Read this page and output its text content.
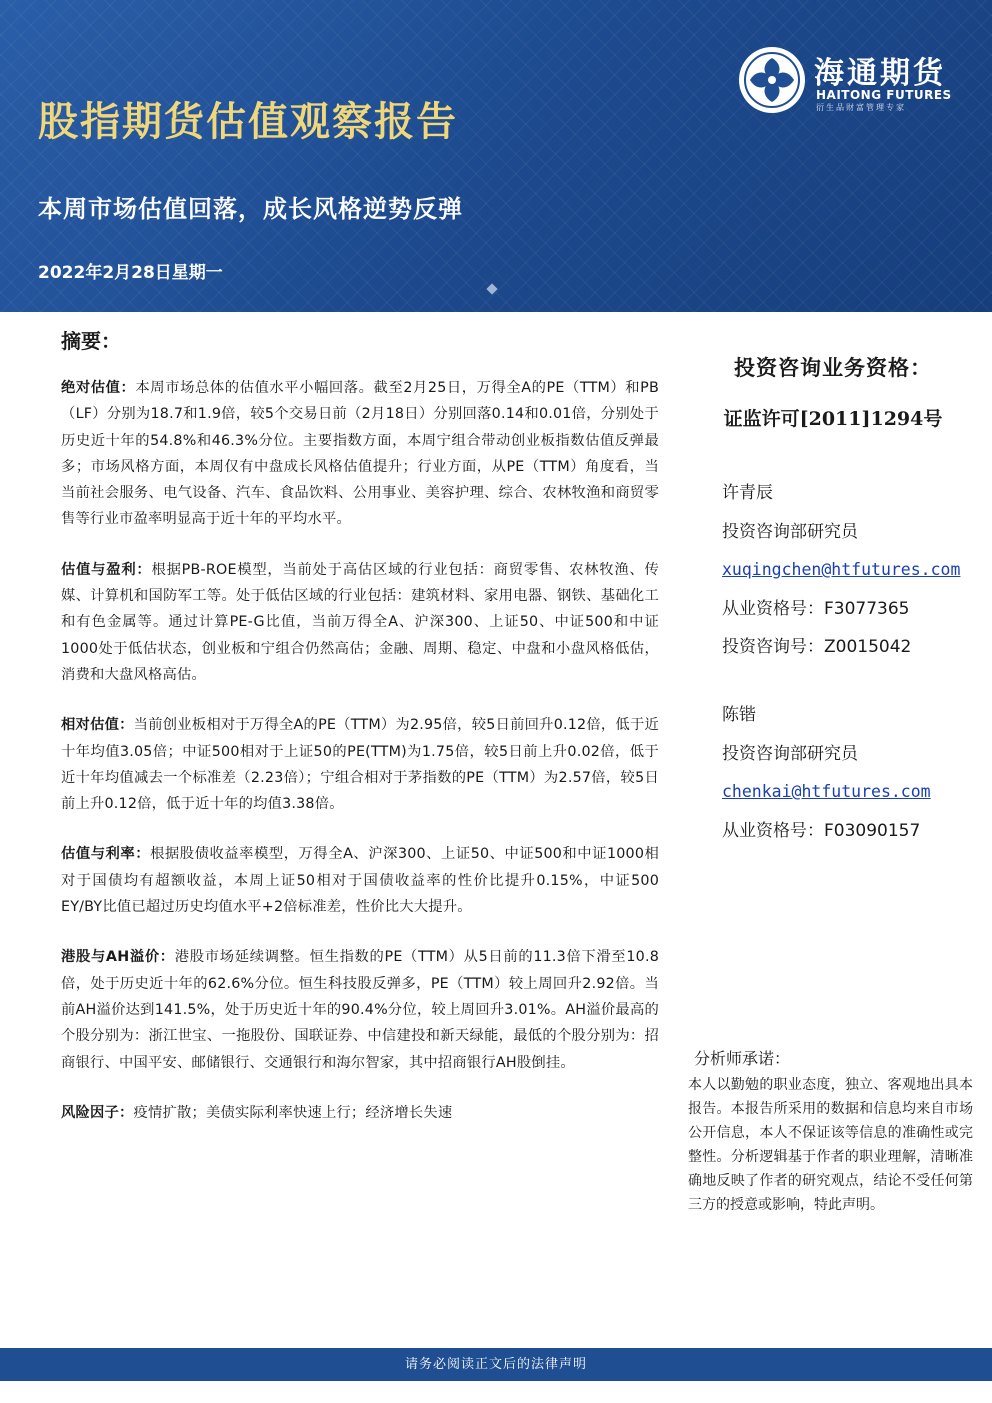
海通期货
HAITONG FUTURES
衍生品财富管理专家
股指期货估值观察报告
本周市场估值回落，成长风格逆势反弹
2022年2月28日星期一
摘要：

绝对估值：本周市场总体的估值水平小幅回落。截至2月25日，万得全A的PE（TTM）和PB（LF）分别为18.7和1.9倍，较5个交易日前（2月18日）分别回落0.14和0.01倍，分别处于历史近十年的54.8%和46.3%分位。主要指数方面，本周宁组合带动创业板指数估值反弹最多；市场风格方面，本周仅有中盘成长风格估值提升；行业方面，从PE（TTM）角度看，当当前社会服务、电气设备、汽车、食品饮料、公用事业、美容护理、综合、农林牧渔和商贸零售等行业市盈率明显高于近十年的平均水平。

估值与盈利：根据PB-ROE模型，当前处于高估区域的行业包括：商贸零售、农林牧渔、传媒、计算机和国防军工等。处于低估区域的行业包括：建筑材料、家用电器、钢铁、基础化工和有色金属等。通过计算PE-G比值，当前万得全A、沪深300、上证50、中证500和中证1000处于低估状态，创业板和宁组合仍然高估；金融、周期、稳定、中盘和小盘风格低估，消费和大盘风格高估。

相对估值：当前创业板相对于万得全A的PE（TTM）为2.95倍，较5日前回升0.12倍，低于近十年均值3.05倍；中证500相对于上证50的PE(TTM)为1.75倍，较5日前上升0.02倍，低于近十年均值减去一个标准差（2.23倍）；宁组合相对于茅指数的PE（TTM）为2.57倍，较5日前上升0.12倍，低于近十年的均值3.38倍。

估值与利率：根据股债收益率模型，万得全A、沪深300、上证50、中证500和中证1000相对于国债均有超额收益，本周上证50相对于国债收益率的性价比提升0.15%，中证500 EY/BY比值已超过历史均值水平+2倍标准差，性价比大大提升。

港股与AH溢价：港股市场延续调整。恒生指数的PE（TTM）从5日前的11.3倍下滑至10.8倍，处于历史近十年的62.6%分位。恒生科技股反弹多，PE（TTM）较上周回升2.92倍。当前AH溢价达到141.5%，处于历史近十年的90.4%分位，较上周回升3.01%。AH溢价最高的个股分别为：浙江世宝、一拖股份、国联证券、中信建投和新天绿能，最低的个股分别为：招商银行、中国平安、邮储银行、交通银行和海尔智家，其中招商银行AH股倒挂。

风险因子：疫情扩散；美债实际利率快速上行；经济增长失速

投资咨询业务资格：

证监许可[2011]1294号

许青辰
投资咨询部研究员
xuqingchen@htfutures.com
从业资格号：F3077365
投资咨询号：Z0015042
陈锴
投资咨询部研究员
chenkai@htfutures.com
从业资格号：F03090157

分析师承诺：

本人以勤勉的职业态度，独立、客观地出具本报告。本报告所采用的数据和信息均来自市场公开信息，本人不保证该等信息的准确性或完整性。分析逻辑基于作者的职业理解，清晰准确地反映了作者的研究观点，结论不受任何第三方的授意或影响，特此声明。

请务必阅读正文后的法律声明
